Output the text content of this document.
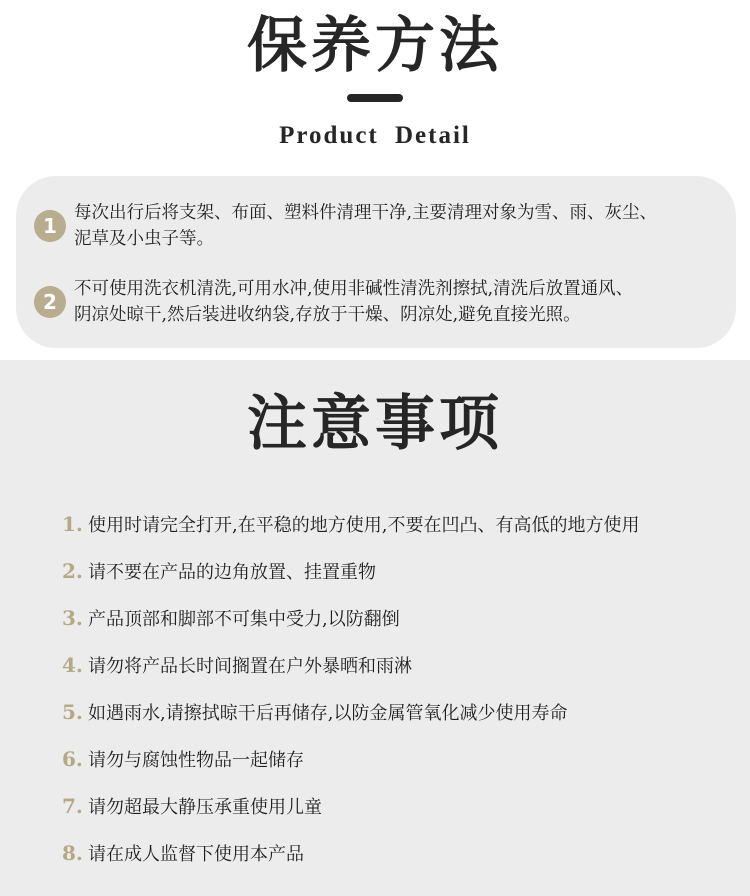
保养方法
Product Detail
1
每次出行后将支架、布面、塑料件清理干净,主要清理对象为雪、雨、灰尘、
泥草及小虫子等。
2
不可使用洗衣机清洗,可用水冲,使用非碱性清洗剂擦拭,清洗后放置通风、
阴凉处晾干,然后装进收纳袋,存放于干燥、阴凉处,避免直接光照。
注意事项
1. 使用时请完全打开,在平稳的地方使用,不要在凹凸、有高低的地方使用
2. 请不要在产品的边角放置、挂置重物
3. 产品顶部和脚部不可集中受力,以防翻倒
4. 请勿将产品长时间搁置在户外暴晒和雨淋
5. 如遇雨水,请擦拭晾干后再储存,以防金属管氧化减少使用寿命
6. 请勿与腐蚀性物品一起储存
7. 请勿超最大静压承重使用儿童
8. 请在成人监督下使用本产品
